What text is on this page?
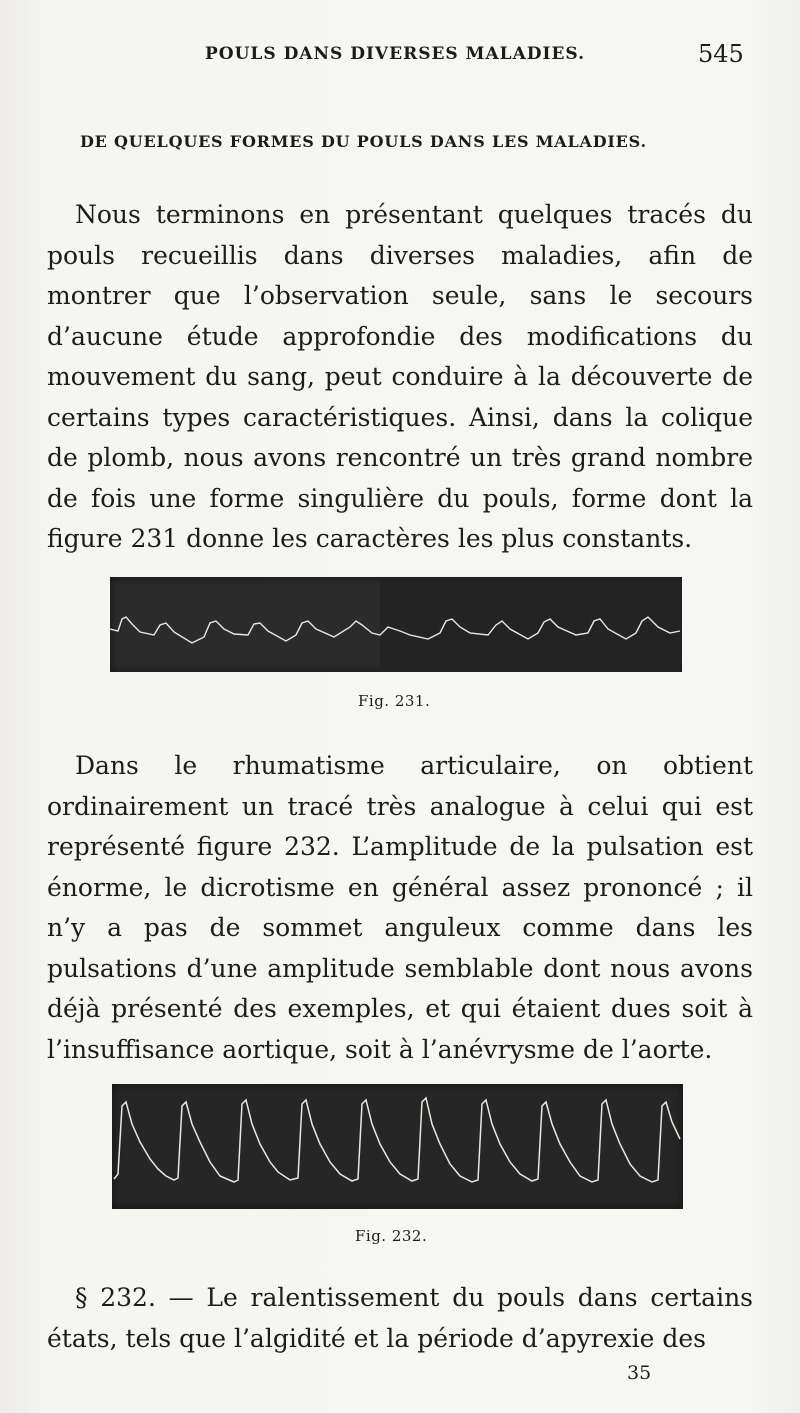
POULS DANS DIVERSES MALADIES.	545
DE QUELQUES FORMES DU POULS DANS LES MALADIES.

Nous terminons en présentant quelques tracés du pouls recueillis dans diverses maladies, afin de montrer que l’observation seule, sans le secours d’aucune étude approfondie des modifications du mouvement du sang, peut conduire à la découverte de certains types caractéristiques. Ainsi, dans la colique de plomb, nous avons rencontré un très grand nombre de fois une forme singulière du pouls, forme dont la figure 231 donne les caractères les plus constants.

Fig. 231.

Dans le rhumatisme articulaire, on obtient ordinairement un tracé très analogue à celui qui est représenté figure 232. L’amplitude de la pulsation est énorme, le dicrotisme en général assez prononcé ; il n’y a pas de sommet anguleux comme dans les pulsations d’une amplitude semblable dont nous avons déjà présenté des exemples, et qui étaient dues soit à l’insuffisance aortique, soit à l’anévrysme de l’aorte.

Fig. 232.

§ 232. — Le ralentissement du pouls dans certains états, tels que l’algidité et la période d’apyrexie des

35
